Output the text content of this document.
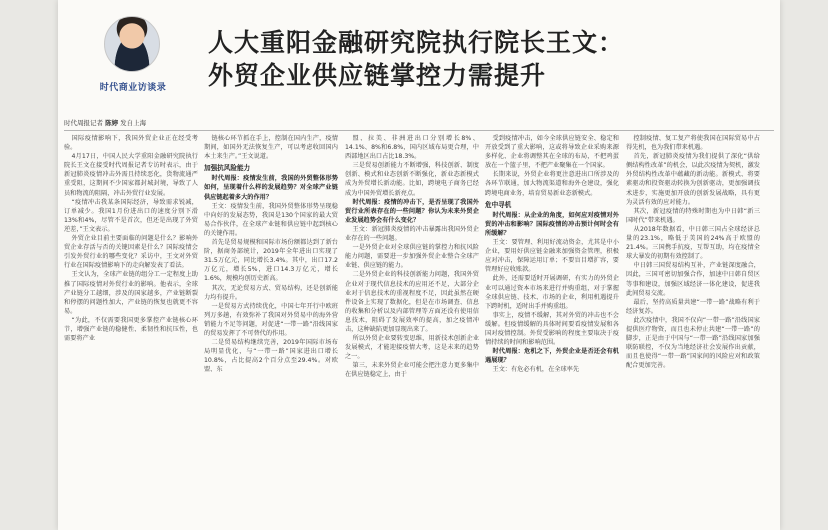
时代商业访谈录
人大重阳金融研究院执行院长王文：
外贸企业供应链掌控力需提升
时代周报记者 陈婷 发自上海

国际疫情影响下，我国外贸企业正在经受考验。

4月17日，中国人民大学重阳金融研究院执行院长王文在接受时代周报记者专访时表示，由于新冠肺炎疫情冲击外需且持续恶化，货物流通严重受阻，这期间不少国家都封城封境，导致了人员和物流的阻隔，冲击外贸行业发展。

“疫情冲击我某条国际经济，导致需求锐减，订单减少。我国1月份进出口的速度分别下滑13%和4%，尽管不是首次，但还是出现了外贸逆差，”王文表示。

外贸企业目前主要面临的问题是什么？影响外贸企业存活与否的关键因素是什么？国际疫情会引发外贸行业的哪些变化？采访中，王文对外贸行业在国际疫情影响下的走向解发表了看法。

王文认为，全球产业链的组分工一定程度上助推了国际疫情对外贸行业的影响。他表示，全球产业链分工越细，涉及的国家越多，产业链断裂和停摆的问题性加大，产业链的恢复也就更不容易。

“为此，不仅需要我国更多掌控产业链核心环节，增强产业链的稳健性、柔韧性和抗压性，也需要将产业

链核心环节抓在手上，控制在国内生产，疫情期间，如国外无法恢复生产，可以考虑收回国内本土来生产。”王文说道。

加强抗风险能力

时代周报：疫情发生前，我国的外贸整体形势如何，呈现着什么样的发展趋势？对全球产业链供应链起着多大的作用？

王文：疫情发生前，我国外贸整体形势呈现稳中向好的发展态势，我国是130个国家的最大贸易合作伙伴，在全球产业链和供应链中起到核心的关键作用。

首先是贸易规模和国际市场份额都达到了新台阶，据商务部统计，2019年全年进出口实现了31.5万亿元，同比增长3.4%。其中，出口17.2万亿元，增长5%，进口14.3万亿元，增长1.6%，规模均创历史新高。

其次，无论贸易方式、贸易结构，还是创新能力均有提升。

一是贸易方式持续优化，中国七年开行中欧班列万多趟，有效弥补了我国对外贸易中的海外营销能力不足等问题，对促进“一带一路”沿线国家的贸易发挥了不可替代的作用。

二是贸易结构继续完善，2019年国际市场布局明显优化，与“一带一路”国家进出口增长10.8%，占比提高2个百分点至29.4%。对欧盟、东

盟、拉美、非洲进出口分别增长8%、14.1%、8%和6.8%，国内区域布局更合理，中西部地区出口占比18.3%。

三是贸易创新能力不断增强，科技创新、制度创新、模式和业态创新不断强化，新业态新模式成为外贸增长新动能。比如，跨境电子商务已经成为中国外贸增长新亮点。

时代周报：疫情的冲击下，是否呈现了我国外贸行业所表存在的一些问题？你认为未来外贸企业发展趋势会有什么变化？

王文：新冠肺炎疫情的冲击暴露出我国外贸企业存在的一些问题。

一是外贸企业对全球供应链的掌控力和抗风险能力问题，需要进一步加强外贸企业整合全球产业链、供应链的能力。

二是外贸企业的科技创新能力问题，我国外贸企业对于现代信息技术的应用还不足，大部分企业对于信息技术的重视程度不足，因此虽然在硬件设备上实现了数据化，但是在市场调查、信息的收集和分析以及内部管理等方面还没有使用信息技术，阻碍了发展效率的提高，加之疫情冲击，这种缺陷更加显现出来了。

所以外贸企业要转变思维，用新技术创新企业发展模式，才能迎接疫情大考，这是未来的趋势之一。

第三，未来外贸企业可能会把注意力更多集中在供应链稳定上，由于

受到疫情冲击，如今全球供应链安全、稳定和开放受到了重大影响，这或将导致企业采购来源多样化、企业将调整其在全球的布局，不把鸡蛋放在一个篮子里，不把产业聚集在一个国家。

长期来说，外贸企业将更注意进出口所涉及的各环节联通，加大物流渠道和海外仓建设，强化跨境电商业务，培育贸易新业态新模式。

危中寻机

时代周报：从企业的角度，如何应对疫情对外贸的冲击和影响？国际疫情的冲击预计何时会有所缓解？

王文：要管理、利用好流动资金，尤其是中小企业，要用好供应链金融来加强资金管理，积极应对冲击，保障运用订单；不要盲目增扩容，要管理好应收账款。

此外，还需要适时开展调研，有实力的外贸企业可以通过资本市场来进行并购重组，对于掌握全球供应链、技术、市场的企业，利用机遇提升下跨时机，适时出手并购重组。

事实上，疫情不缓解，其对外贸的冲击也不会缓解。但疫情缓解的具体时间要看疫情发展和各国对疫情控制。外贸受影响的程度主要取决于疫情持续的时间和影响范围。

时代周报：危机之下，外贸企业是否还会有机遇展现？

王文：有危必有机，在全球率先

控制疫情、复工复产将使我国在国际贸易中占得先机，也为我们带来机遇。

首先，新冠肺炎疫情为我们提供了深化“供给侧结构性改革”的机会，以此次疫情为契机，激发外贸结构性改革中蕴藏的新动能。新模式、将要素驱动和投资驱动转换为创新驱动，更加强调技术进步，实施更加开放的创新发展战略，具有更为灵活有效的应对能力。

其次，新冠疫情的特殊时期也为中日韩“新三国时代”带来机遇。

从2018年数据看，中日韩三国占全球经济总量的23.1%，略低于美国的24%高于欧盟的21.4%。三国携手抗疫，互帮互助，均在疫情全球大暴发的初期有效控制了。

中日韩三国贸易结构互补，产业链深度融合，因此，三国可密切加强合作，加速中日韩自贸区等事和建设，加强区域经济一体化建设，促进我此间贸易交流。

最后，坚持高质量共建“一带一路”战略有利于经济复苏。

此次疫情中，我国不仅向“一带一路”沿线国家提供医疗物资，而且也未停止共建“一带一路”的脚步，正是由于中国与“一带一路”沿线国家加强联防联控，不仅为当地经济社会发展作出贡献，而且也使得“一带一路”国家间的风险应对和政策配合更加完善。
